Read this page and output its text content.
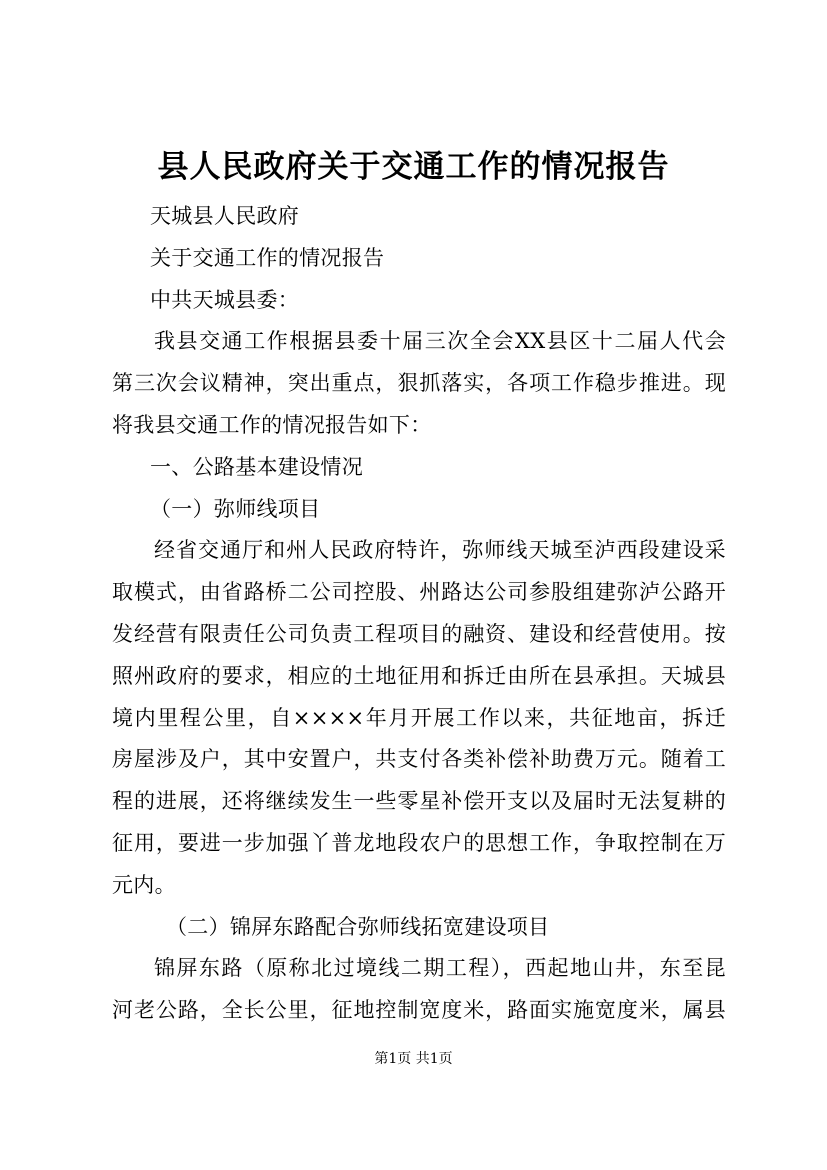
县人民政府关于交通工作的情况报告
天城县人民政府
关于交通工作的情况报告
中共天城县委：
我县交通工作根据县委十届三次全会XX县区十二届人代会
第三次会议精神，突出重点，狠抓落实，各项工作稳步推进。现
将我县交通工作的情况报告如下：
一、公路基本建设情况
（一）弥师线项目
经省交通厅和州人民政府特许，弥师线天城至泸西段建设采
取模式，由省路桥二公司控股、州路达公司参股组建弥泸公路开
发经营有限责任公司负责工程项目的融资、建设和经营使用。按
照州政府的要求，相应的土地征用和拆迁由所在县承担。天城县
境内里程公里，自××××年月开展工作以来，共征地亩，拆迁
房屋涉及户，其中安置户，共支付各类补偿补助费万元。随着工
程的进展，还将继续发生一些零星补偿开支以及届时无法复耕的
征用，要进一步加强丫普龙地段农户的思想工作，争取控制在万
元内。
（二）锦屏东路配合弥师线拓宽建设项目
锦屏东路（原称北过境线二期工程），西起地山井，东至昆
河老公路，全长公里，征地控制宽度米，路面实施宽度米，属县
第1页 共1页
